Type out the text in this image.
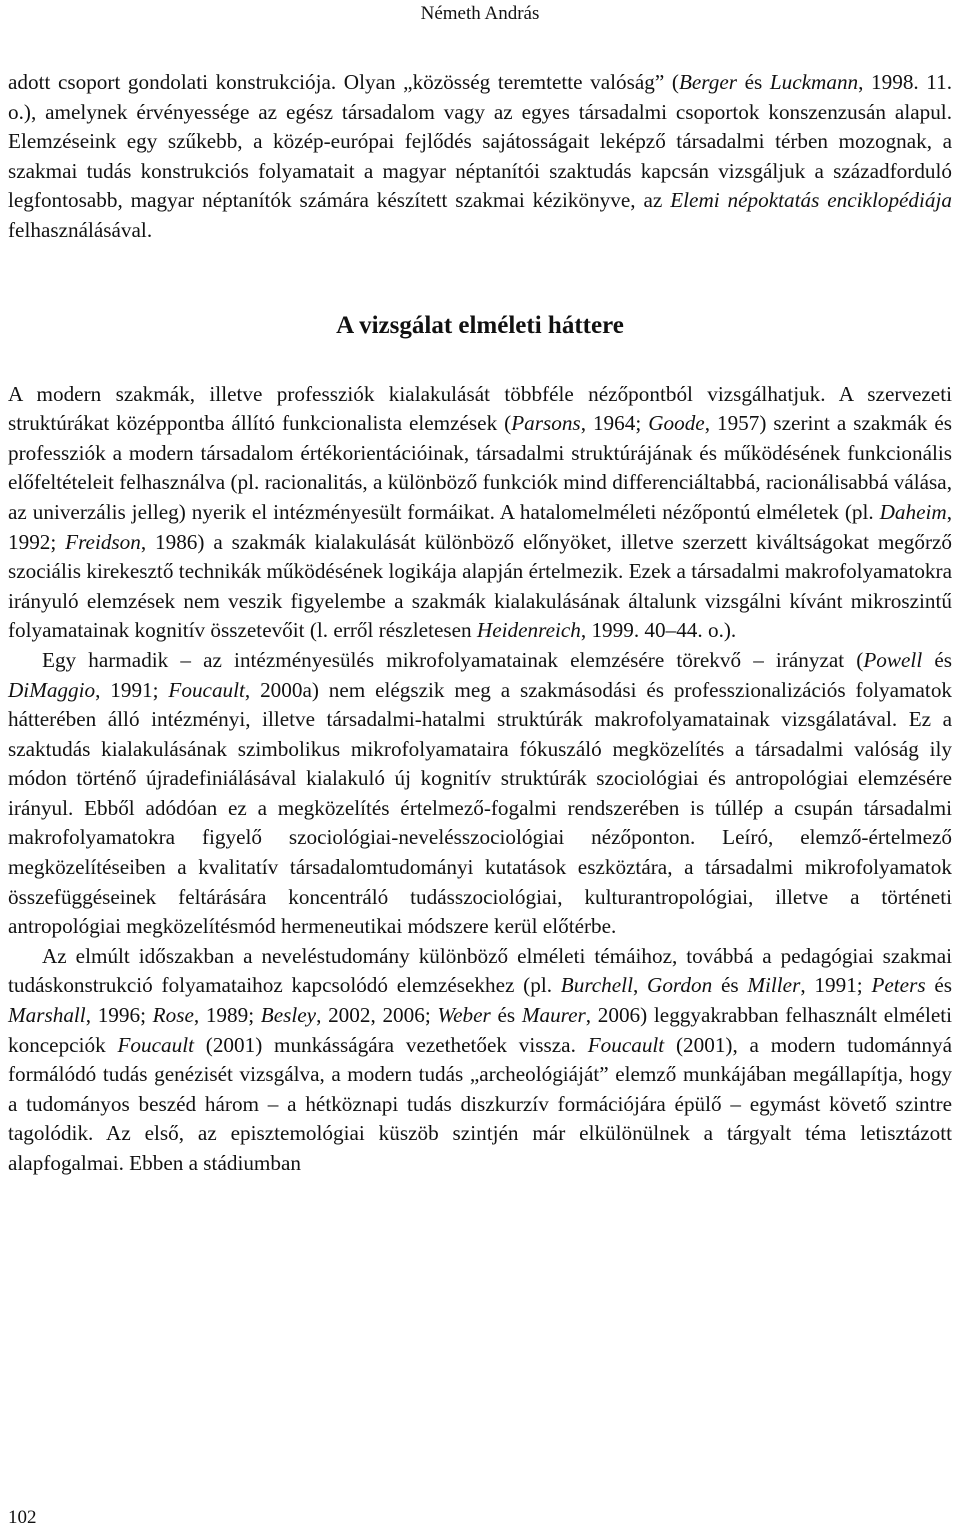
Németh András

adott csoport gondolati konstrukciója. Olyan „közösség teremtette valóság” (Berger és Luckmann, 1998. 11. o.), amelynek érvényessége az egész társadalom vagy az egyes társadalmi csoportok konszenzusán alapul. Elemzéseink egy szűkebb, a közép-európai fejlődés sajátosságait leképző társadalmi térben mozognak, a szakmai tudás konstrukciós folyamatait a magyar néptanítói szaktudás kapcsán vizsgáljuk a századforduló legfontosabb, magyar néptanítók számára készített szakmai kézikönyve, az Elemi népoktatás enciklopédiája felhasználásával.

A vizsgálat elméleti háttere

A modern szakmák, illetve professziók kialakulását többféle nézőpontból vizsgálhatjuk. A szervezeti struktúrákat középpontba állító funkcionalista elemzések (Parsons, 1964; Goode, 1957) szerint a szakmák és professziók a modern társadalom értékorientációinak, társadalmi struktúrájának és működésének funkcionális előfeltételeit felhasználva (pl. racionalitás, a különböző funkciók mind differenciáltabbá, racionálisabbá válása, az univerzális jelleg) nyerik el intézményesült formáikat. A hatalomelméleti nézőpontú elméletek (pl. Daheim, 1992; Freidson, 1986) a szakmák kialakulását különböző előnyöket, illetve szerzett kiváltságokat megőrző szociális kirekesztő technikák működésének logikája alapján értelmezik. Ezek a társadalmi makrofolyamatokra irányuló elemzések nem veszik figyelembe a szakmák kialakulásának általunk vizsgálni kívánt mikroszintű folyamatainak kognitív összetevőit (l. erről részletesen Heidenreich, 1999. 40–44. o.).

Egy harmadik – az intézményesülés mikrofolyamatainak elemzésére törekvő – irányzat (Powell és DiMaggio, 1991; Foucault, 2000a) nem elégszik meg a szakmásodási és professzionalizációs folyamatok hátterében álló intézményi, illetve társadalmi-hatalmi struktúrák makrofolyamatainak vizsgálatával. Ez a szaktudás kialakulásának szimbolikus mikrofolyamataira fókuszáló megközelítés a társadalmi valóság ily módon történő újradefiniálásával kialakuló új kognitív struktúrák szociológiai és antropológiai elemzésére irányul. Ebből adódóan ez a megközelítés értelmező-fogalmi rendszerében is túllép a csupán társadalmi makrofolyamatokra figyelő szociológiai-nevelésszociológiai nézőponton. Leíró, elemző-értelmező megközelítéseiben a kvalitatív társadalomtudományi kutatások eszköztára, a társadalmi mikrofolyamatok összefüggéseinek feltárására koncentráló tudásszociológiai, kulturantropológiai, illetve a történeti antropológiai megközelítésmód hermeneutikai módszere kerül előtérbe.

Az elmúlt időszakban a neveléstudomány különböző elméleti témáihoz, továbbá a pedagógiai szakmai tudáskonstrukció folyamataihoz kapcsolódó elemzésekhez (pl. Burchell, Gordon és Miller, 1991; Peters és Marshall, 1996; Rose, 1989; Besley, 2002, 2006; Weber és Maurer, 2006) leggyakrabban felhasznált elméleti koncepciók Foucault (2001) munkásságára vezethetőek vissza. Foucault (2001), a modern tudománnyá formálódó tudás genézisét vizsgálva, a modern tudás „archeológiáját” elemző munkájában megállapítja, hogy a tudományos beszéd három – a hétköznapi tudás diszkurzív formációjára épülő – egymást követő szintre tagolódik. Az első, az episztemológiai küszöb szintjén már elkülönülnek a tárgyalt téma letisztázott alapfogalmai. Ebben a stádiumban

102
